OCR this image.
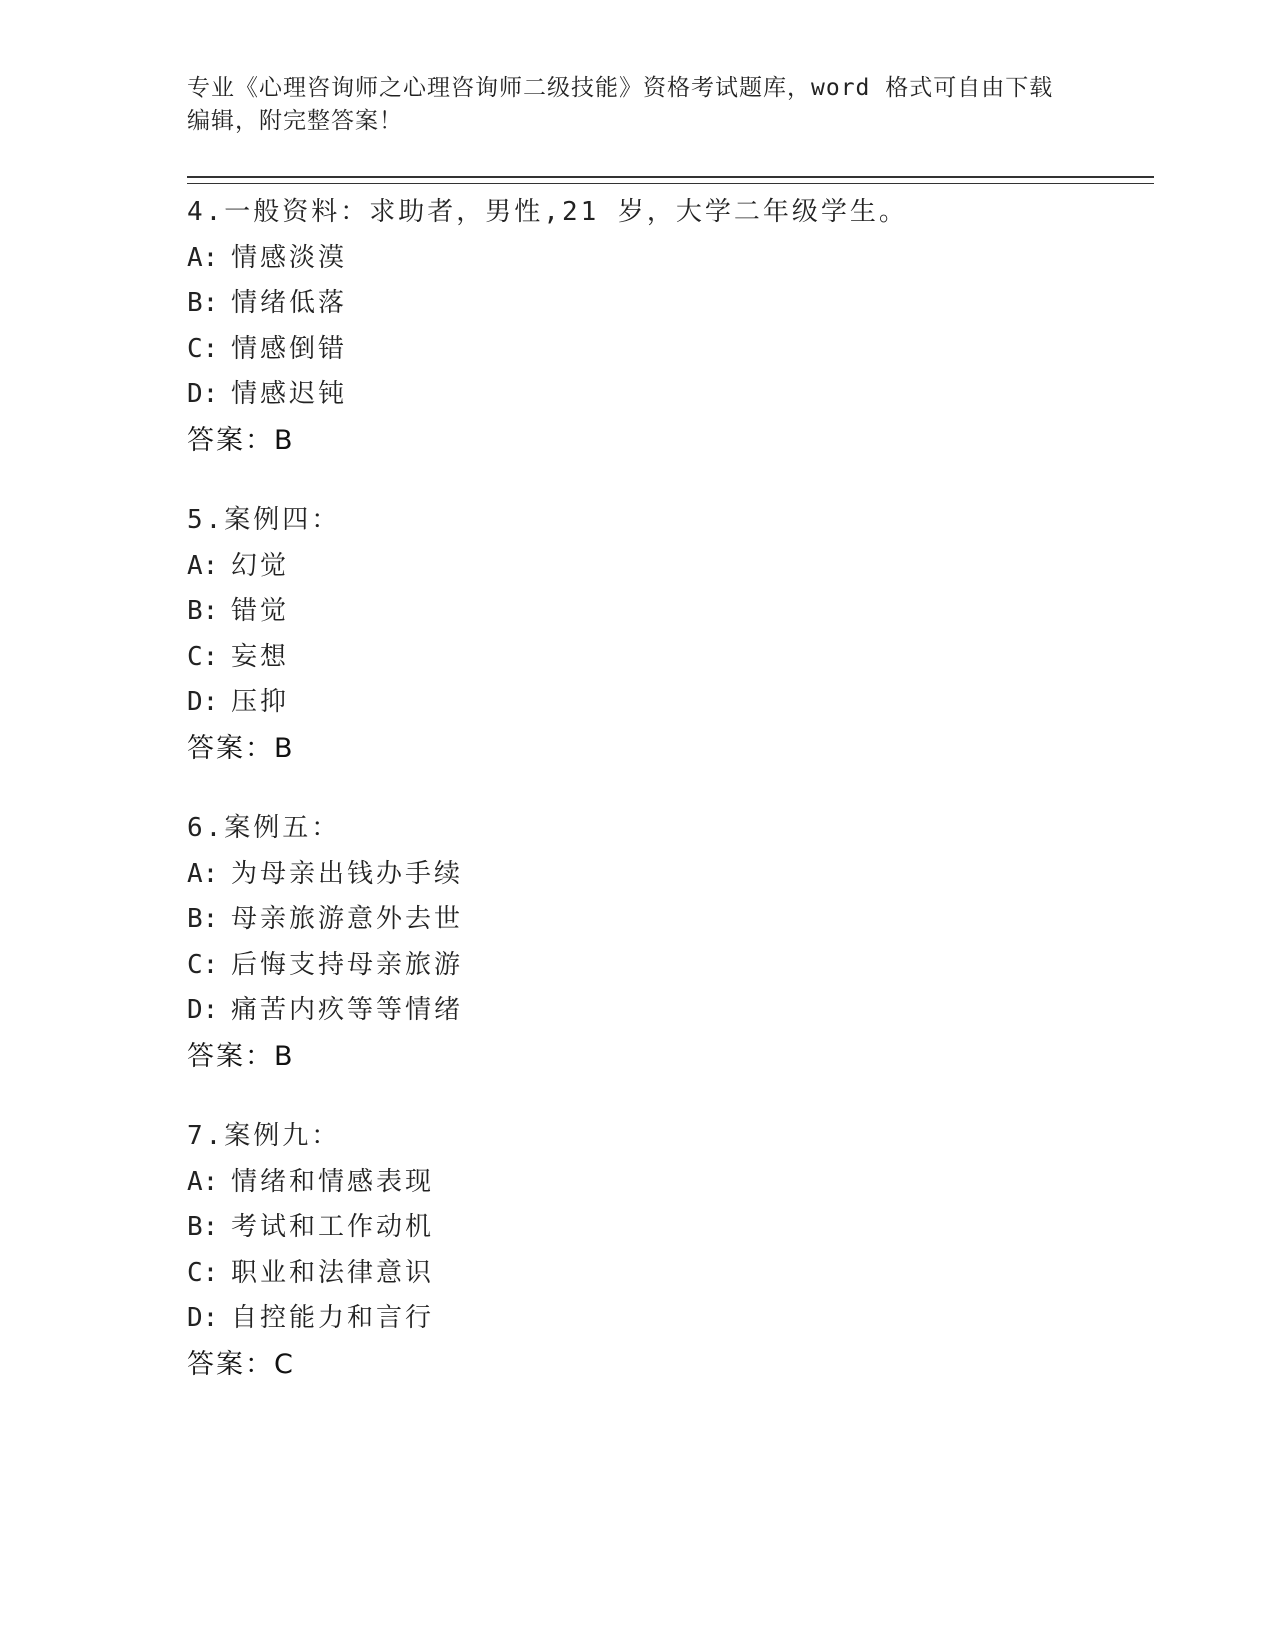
专业《心理咨询师之心理咨询师二级技能》资格考试题库，word 格式可自由下载
编辑，附完整答案！
4.一般资料：求助者，男性,21 岁，大学二年级学生。
A: 情感淡漠
B: 情绪低落
C: 情感倒错
D: 情感迟钝
答案：B
5.案例四：
A: 幻觉
B: 错觉
C: 妄想
D: 压抑
答案：B
6.案例五：
A: 为母亲出钱办手续
B: 母亲旅游意外去世
C: 后悔支持母亲旅游
D: 痛苦内疚等等情绪
答案：B
7.案例九：
A: 情绪和情感表现
B: 考试和工作动机
C: 职业和法律意识
D: 自控能力和言行
答案：C
